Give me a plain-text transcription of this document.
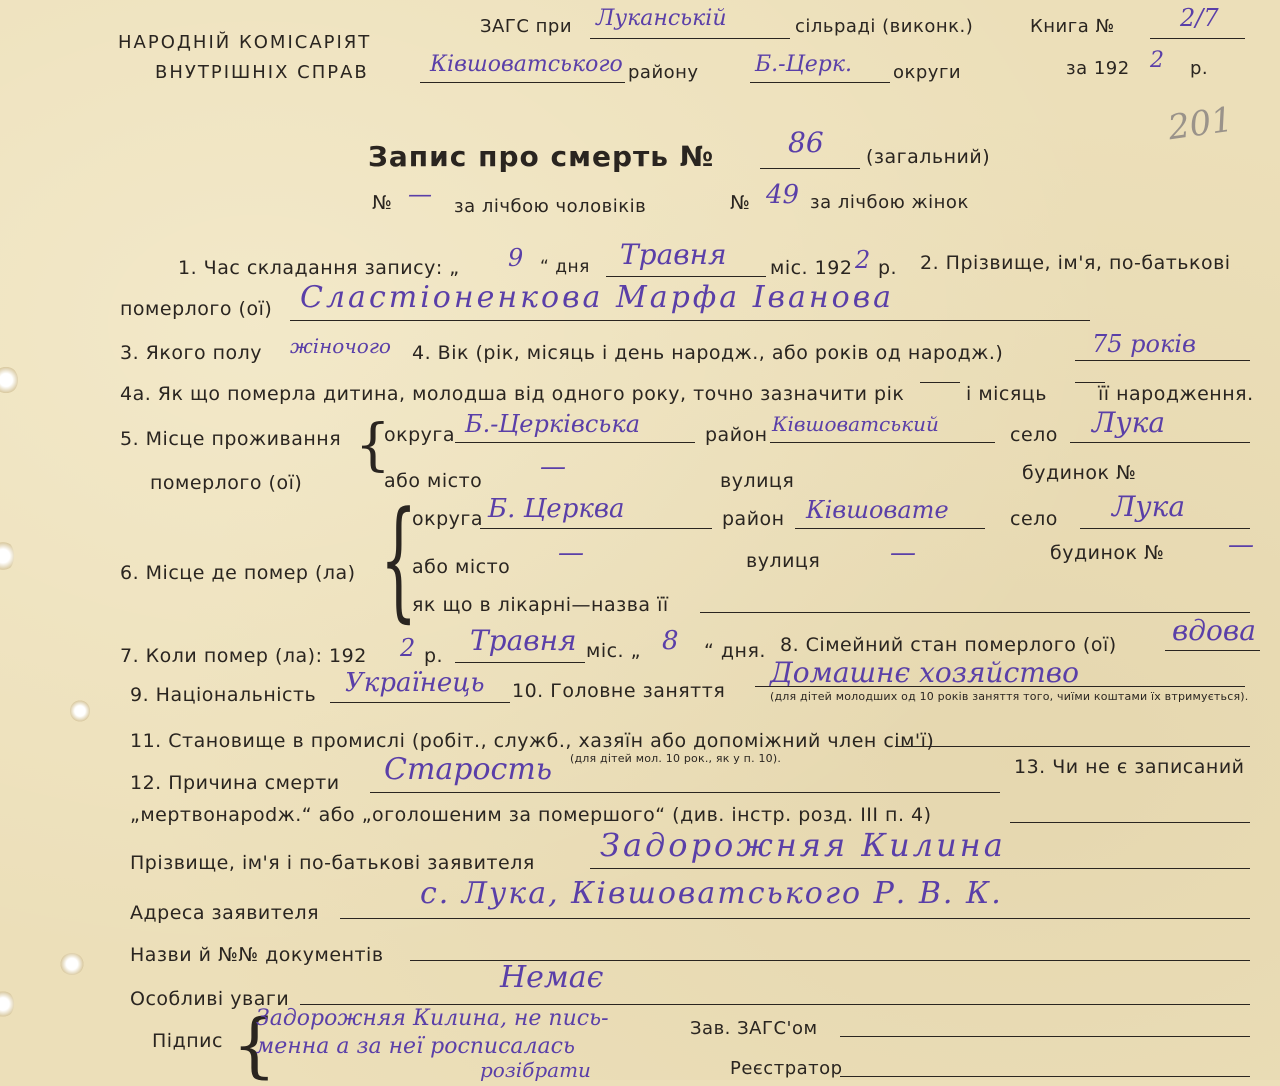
НАРОДНІЙ КОМІСАРІЯТ
ВНУТРІШНІХ СПРАВ
ЗАГС при Луканській	сільраді (виконк.)
Ківшоватського району	Б.-Церк. округи
Книга №	2/7
за 192 2 р.
201
Запис про смерть №	86 (загальний)
№ — за лічбою чоловіків	№ 49 за лічбою жінок
1. Час складання запису: „ 9 “ дня Травня міс. 192 2 р. 2. Прізвище, ім'я, по-батькові
померлого (ої) Сластіоненкова Марфа Іванова
3. Якого полу жіночого 4. Вік (рік, місяць і день народж., або років од народж.)	75 років
4а. Як що померла дитина, молодша від одного року, точно зазначити рік	і місяць	її народження.
5. Місце проживання
померлого (ої)
{
округа Б.-Церківська	район Ківшоватський	село Лука
або місто —	вулиця	будинок №
{
6. Місце де помер (ла)
округа Б. Церква	район Ківшовате	село Лука
або місто —	вулиця	—	будинок № —
як що в лікарні—назва її
7. Коли помер (ла): 192 2 р. Травня міс. „ 8 “ дня. 8. Сімейний стан померлого (ої) вдова
9. Національність Українець 10. Головне заняття
Домашнє хозяйство
(для дітей молодших од 10 років заняття того, чиїми коштами їх втримується).
11. Становище в промислі (робіт., служб., хазяїн або допоміжний член сім'ї)
(для дітей мол. 10 рок., як у п. 10).
12. Причина смерти Старость	13. Чи не є записаний
„мертвонарodж.“ або „оголошеним за помершого“ (див. інстр. розд. III п. 4)
Прізвище, ім'я і по-батькові заявителя Задорожняя Килина
Адреса заявителя
с. Лука, Ківшоватського Р. В. К.
Назви й №№ документів
Особливі уваги
Немає
Підпис {
Задорожняя Килина, не пись-
менна а за неї росписалась
розібрати
Зав. ЗАГС'ом
Реєстратор
